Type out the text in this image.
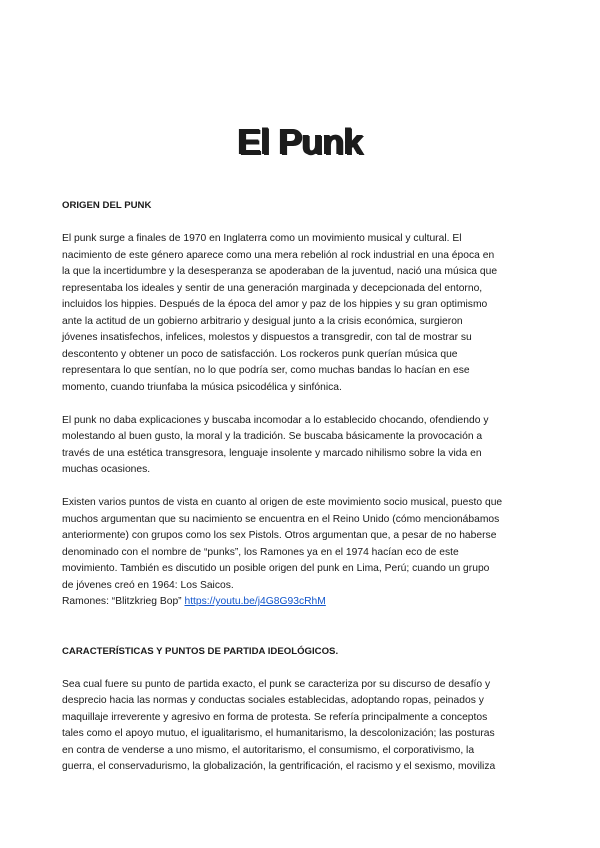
El Punk

ORIGEN DEL PUNK

El punk surge a finales de 1970 en Inglaterra como un movimiento musical y cultural. El
nacimiento de este género aparece como una mera rebelión al rock industrial en una época en
la que la incertidumbre y la desesperanza se apoderaban de la juventud, nació una música que
representaba los ideales y sentir de una generación marginada y decepcionada del entorno,
incluidos los hippies. Después de la época del amor y paz de los hippies y su gran optimismo
ante la actitud de un gobierno arbitrario y desigual junto a la crisis económica, surgieron
jóvenes insatisfechos, infelices, molestos y dispuestos a transgredir, con tal de mostrar su
descontento y obtener un poco de satisfacción. Los rockeros punk querían música que
representara lo que sentían, no lo que podría ser, como muchas bandas lo hacían en ese
momento, cuando triunfaba la música psicodélica y sinfónica.

El punk no daba explicaciones y buscaba incomodar a lo establecido chocando, ofendiendo y
molestando al buen gusto, la moral y la tradición. Se buscaba básicamente la provocación a
través de una estética transgresora, lenguaje insolente y marcado nihilismo sobre la vida en
muchas ocasiones.

Existen varios puntos de vista en cuanto al origen de este movimiento socio musical, puesto que
muchos argumentan que su nacimiento se encuentra en el Reino Unido (cómo mencionábamos
anteriormente) con grupos como los sex Pistols. Otros argumentan que, a pesar de no haberse
denominado con el nombre de “punks”, los Ramones ya en el 1974 hacían eco de este
movimiento. También es discutido un posible origen del punk en Lima, Perú; cuando un grupo
de jóvenes creó en 1964: Los Saicos.
Ramones: “Blitzkrieg Bop” https://youtu.be/j4G8G93cRhM

CARACTERÍSTICAS Y PUNTOS DE PARTIDA IDEOLÓGICOS.

Sea cual fuere su punto de partida exacto, el punk se caracteriza por su discurso de desafío y
desprecio hacia las normas y conductas sociales establecidas, adoptando ropas, peinados y
maquillaje irreverente y agresivo en forma de protesta. Se refería principalmente a conceptos
tales como el apoyo mutuo, el igualitarismo, el humanitarismo, la descolonización; las posturas
en contra de venderse a uno mismo, el autoritarismo, el consumismo, el corporativismo, la
guerra, el conservadurismo, la globalización, la gentrificación, el racismo y el sexismo, moviliza
